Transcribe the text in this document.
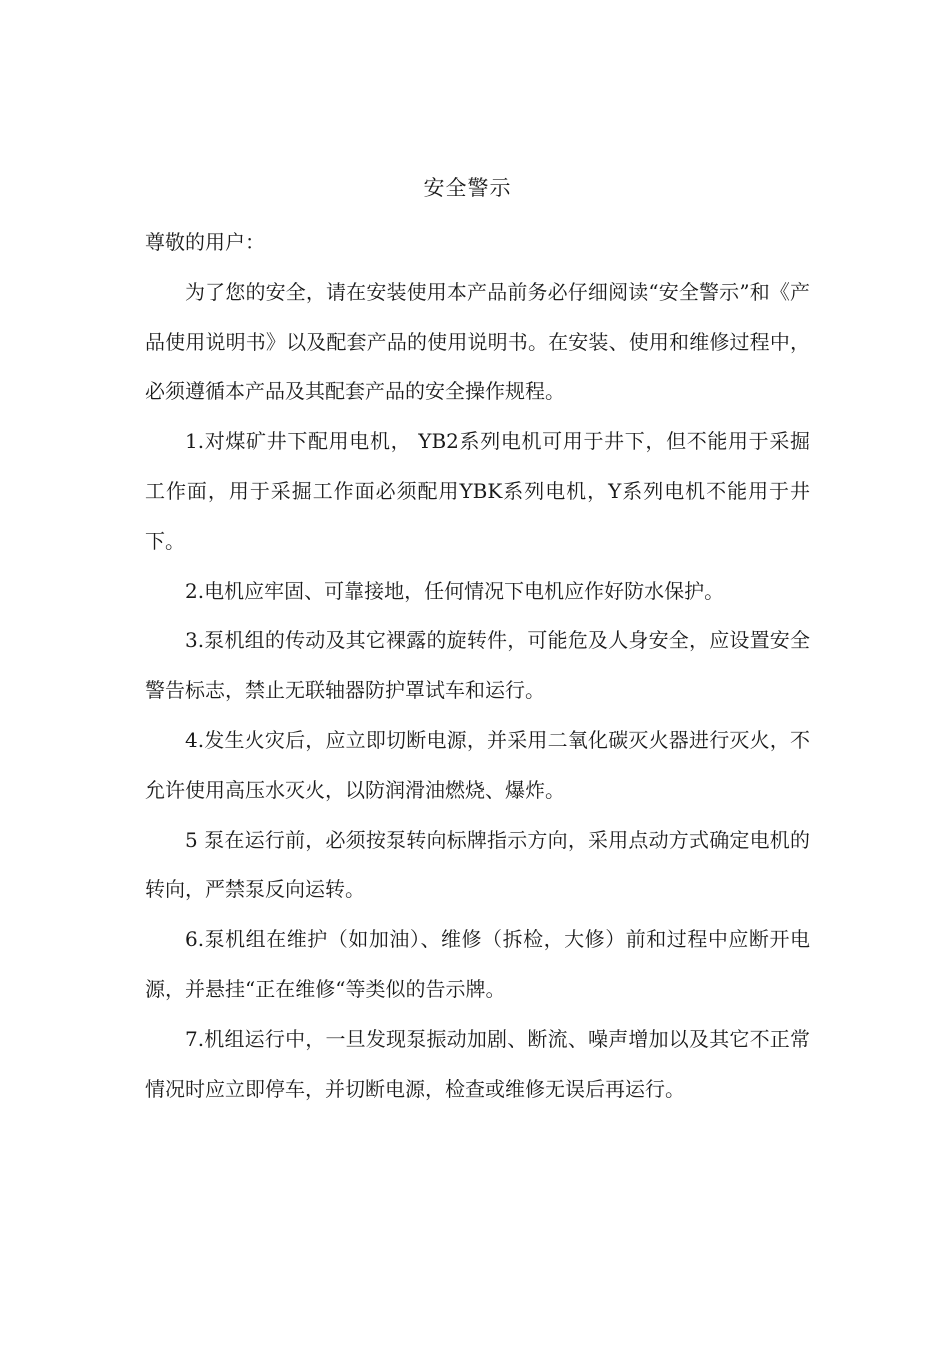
安全警示

尊敬的用户：

为了您的安全，请在安装使用本产品前务必仔细阅读“安全警示”和《产品使用说明书》以及配套产品的使用说明书。在安装、使用和维修过程中，必须遵循本产品及其配套产品的安全操作规程。

1.对煤矿井下配用电机， YB2系列电机可用于井下，但不能用于采掘工作面，用于采掘工作面必须配用YBK系列电机，Y系列电机不能用于井下。

2.电机应牢固、可靠接地，任何情况下电机应作好防水保护。

3.泵机组的传动及其它裸露的旋转件，可能危及人身安全，应设置安全警告标志，禁止无联轴器防护罩试车和运行。

4.发生火灾后，应立即切断电源，并采用二氧化碳灭火器进行灭火，不允许使用高压水灭火，以防润滑油燃烧、爆炸。

5 泵在运行前，必须按泵转向标牌指示方向，采用点动方式确定电机的转向，严禁泵反向运转。

6.泵机组在维护（如加油）、维修（拆检，大修）前和过程中应断开电源，并悬挂“正在维修“等类似的告示牌。

7.机组运行中，一旦发现泵振动加剧、断流、噪声增加以及其它不正常情况时应立即停车，并切断电源，检查或维修无误后再运行。
